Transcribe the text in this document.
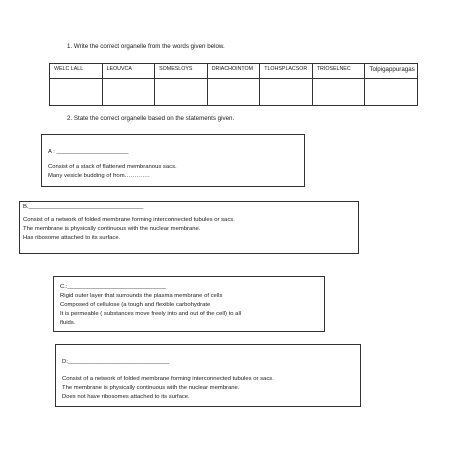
1. Write the correct organelle from the words given below.
WELC LALL	LEOUVCA	SOMESLOYS	DRIACHOINTOM	TLOHSPLACSOR	TRIOSELNEC	Tolpigappuragas

2. State the correct organelle based on the statements given.

A : ______________________

Consist of a stack of flattened membranous sacs.

Many vesicle budding of from………….

B.___________________________________

Consist of a network of folded membrane forming interconnected tubules or sacs.

The membrane is physically continuous with the nuclear membrane.

Has ribosome attached to its surface.

C.:______________________________

Rigid outer layer that surrounds the plasma membrane of cells

Composed of cellulose (a tough and flexible carbohydrate

It is permeable ( substances move freely into and out of the cell) to all

fluids.

D:_______________________________

Consist of a network of folded membrane forming interconnected tubules or sacs.

The membrane is physically continuous with the nuclear membrane.

Does not have ribosomes attached to its surface.
